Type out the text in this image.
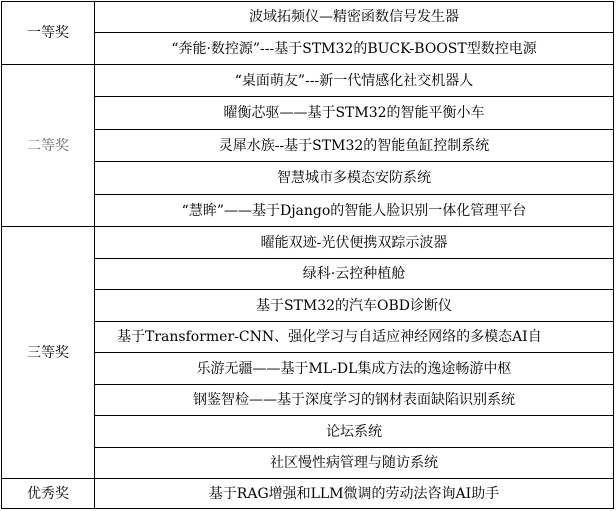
一等奖	波域拓频仪—精密函数信号发生器
	“奔能·数控源”---基于STM32的BUCK-BOOST型数控电源
二等奖	“桌面萌友”---新一代情感化社交机器人
	曜衡芯驱——基于STM32的智能平衡小车
	灵犀水族--基于STM32的智能鱼缸控制系统
	智慧城市多模态安防系统
	“慧眸”——基于Django的智能人脸识别一体化管理平台
三等奖	曜能双迹-光伏便携双踪示波器
	绿科·云控种植舱
	基于STM32的汽车OBD诊断仪
	基于Transformer-CNN、强化学习与自适应神经网络的多模态AI自
	乐游无疆——基于ML-DL集成方法的逸途畅游中枢
	钢鉴智检——基于深度学习的钢材表面缺陷识别系统
	论坛系统
	社区慢性病管理与随访系统
优秀奖	基于RAG增强和LLM微调的劳动法咨询AI助手
